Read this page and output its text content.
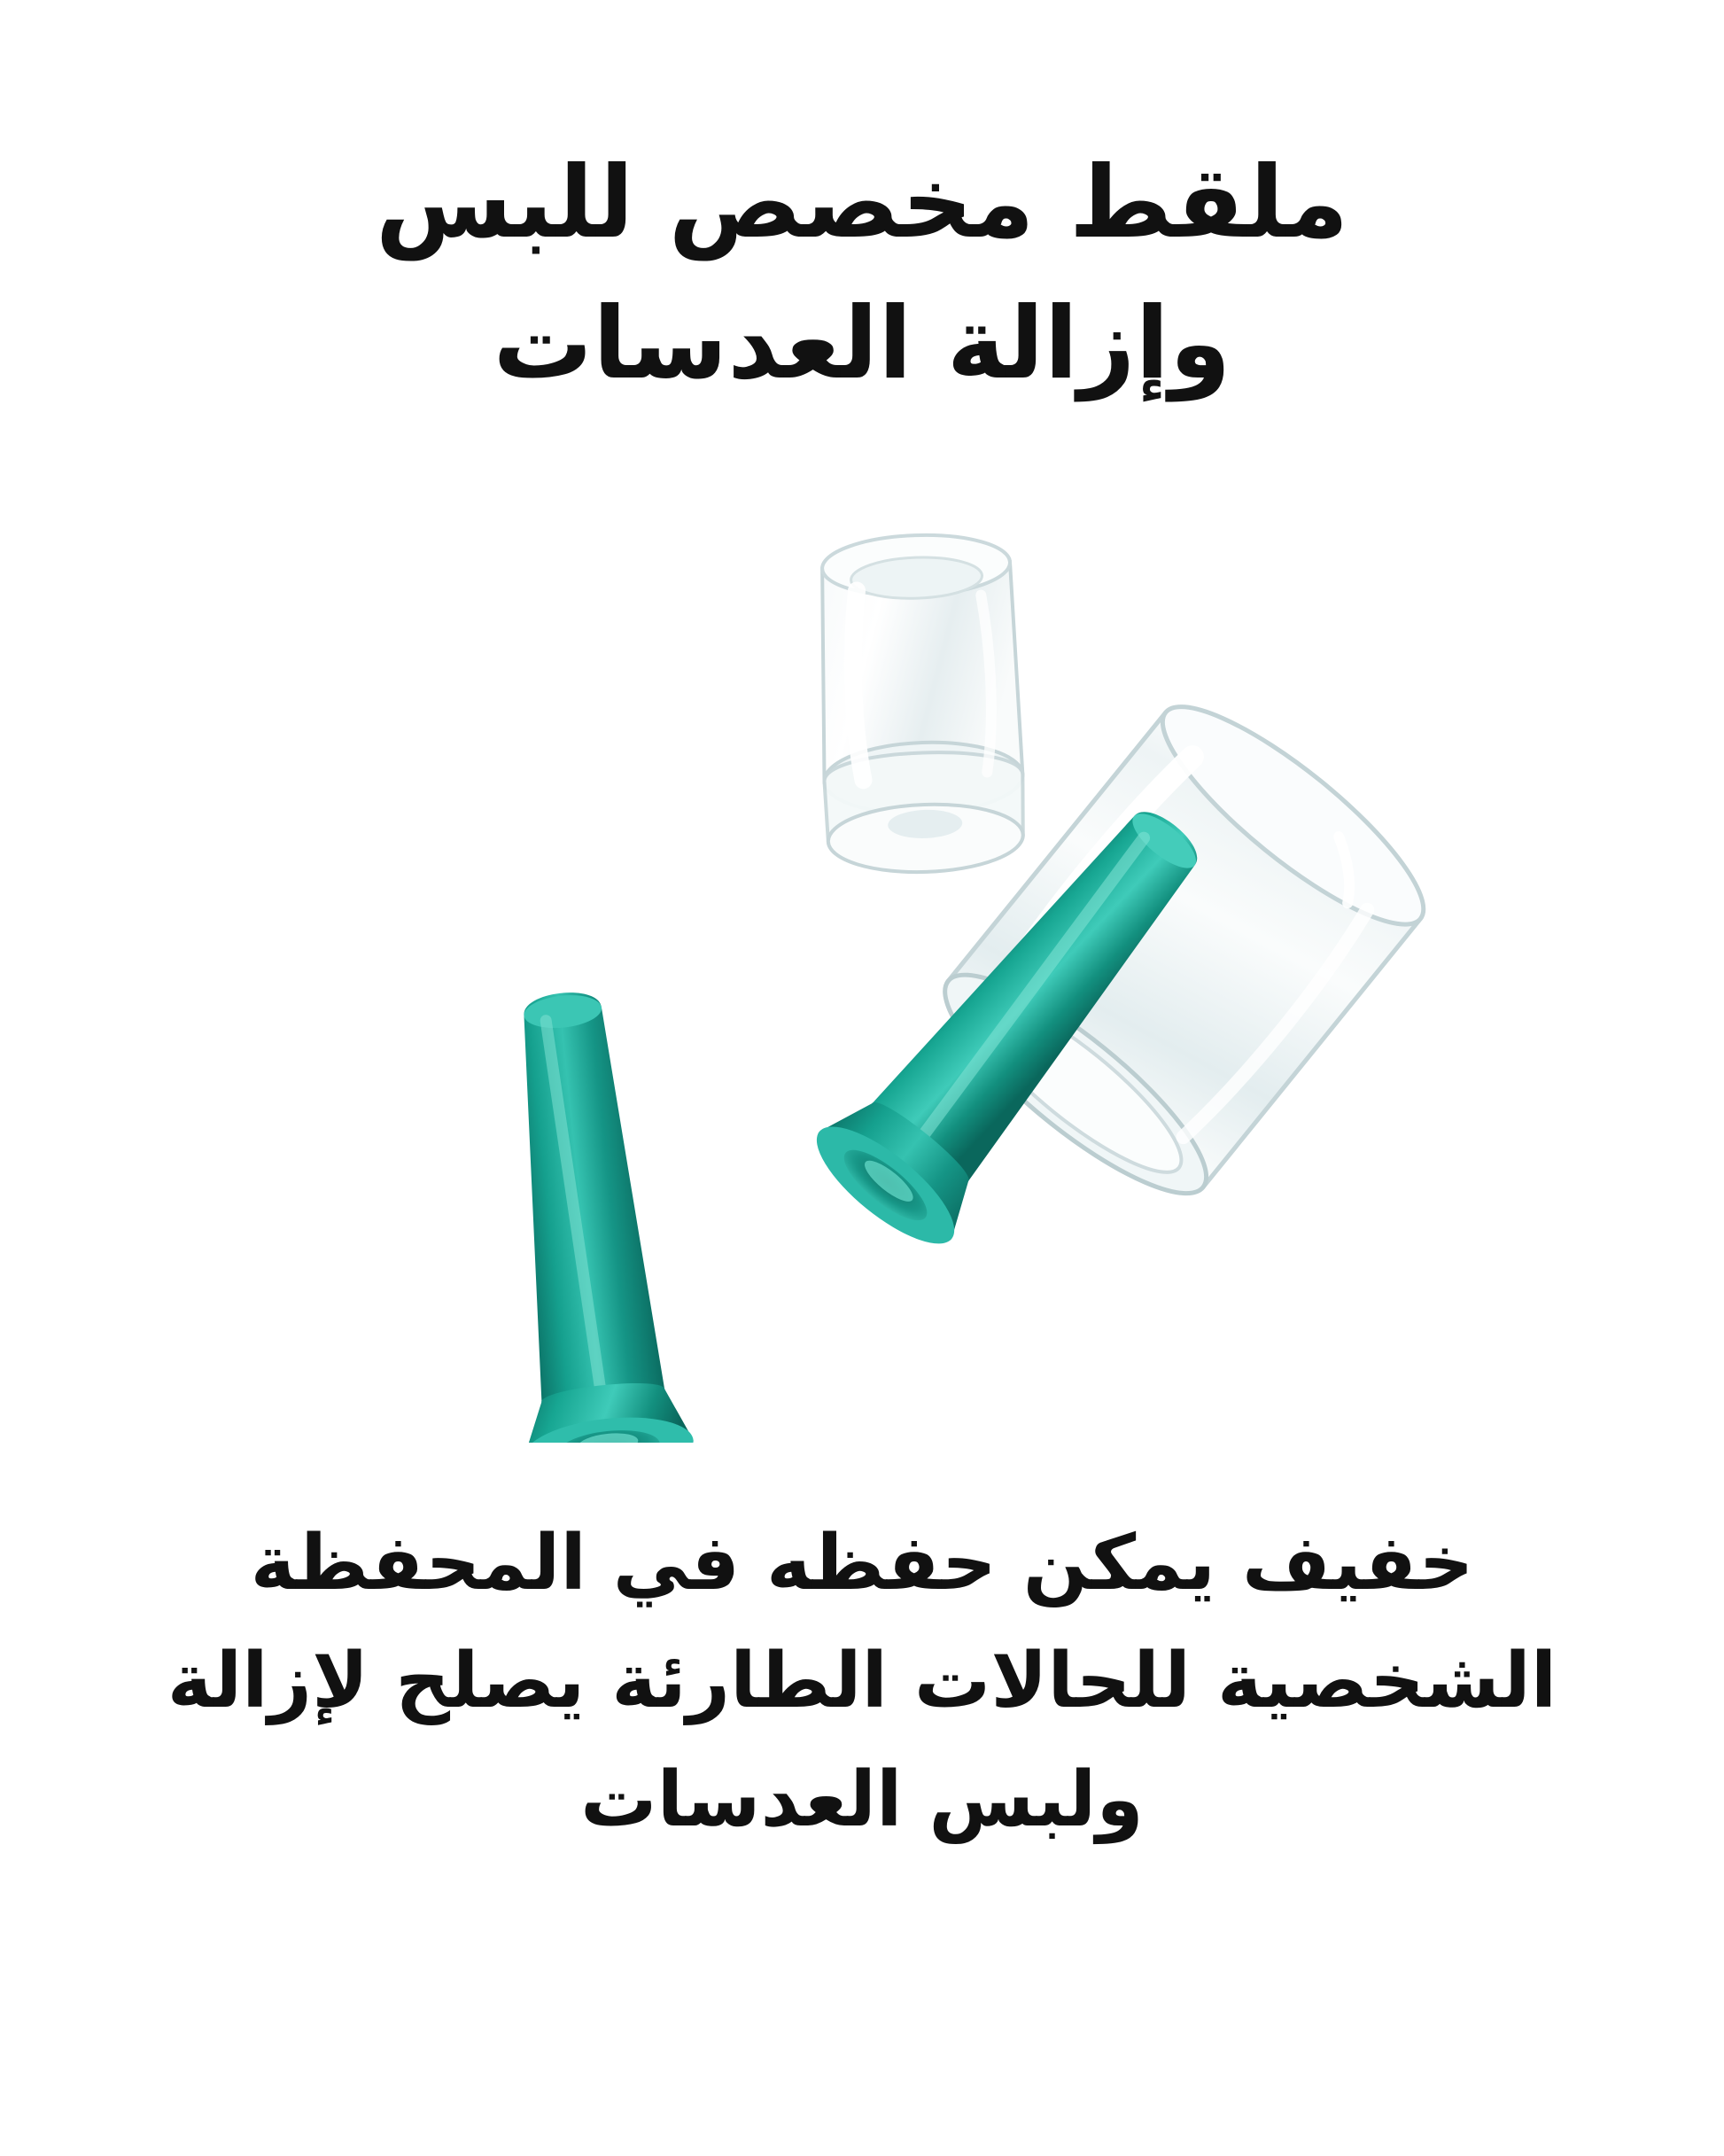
ملقط مخصص للبس
وإزالة العدسات
خفيف يمكن حفظه في المحفظة
الشخصية للحالات الطارئة يصلح لإزالة
ولبس العدسات
